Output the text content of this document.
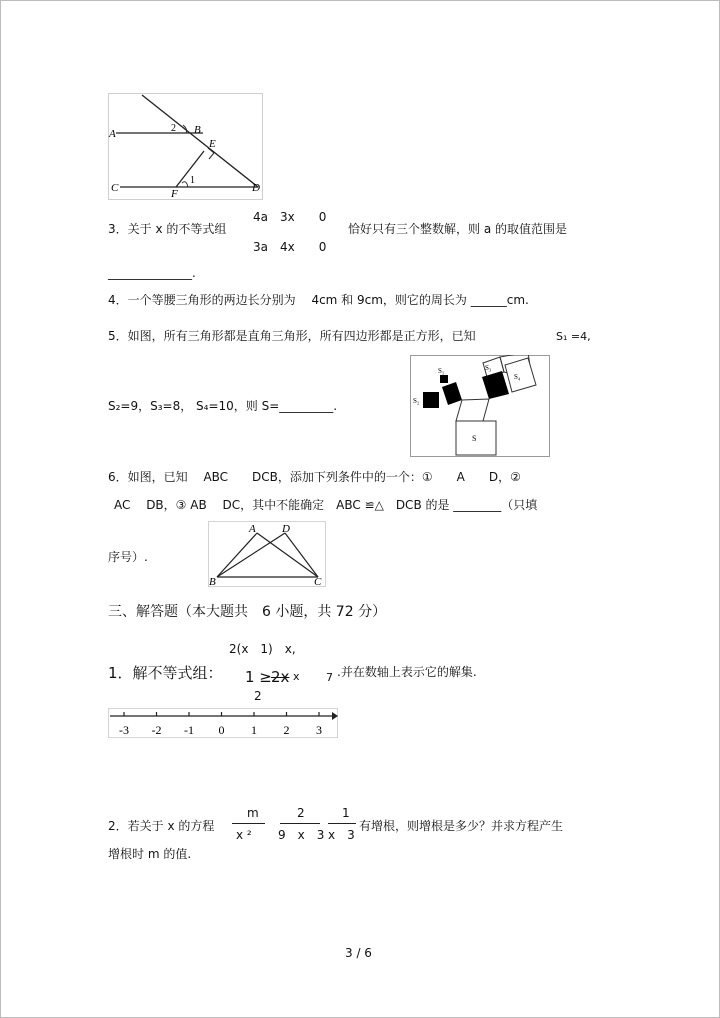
A	B
C	D
E
F
1
2
3．关于 x 的不等式组
4a　3x　　0
3a　4x　　0
恰好只有三个整数解，则 a 的取值范围是
______________.
4．一个等腰三角形的两边长分别为　 4cm 和 9cm，则它的周长为 ______cm.
5．如图，所有三角形都是直角三角形，所有四边形都是正方形，已知	S₁ =4,
S₂=9，S₃=8， S₄=10，则 S=_________.
S₁
S₂
S₃
S₄
S
6．如图，已知　 ABC　　DCB，添加下列条件中的一个：①　　A　　D，②
AC　 DB，③ AB　 DC，其中不能确定　ABC ≌△　DCB 的是 ________（只填
序号）.
A D
B	C
三、解答题（本大题共　6 小题，共 72 分）
1．解不等式组：
2(x　1)　x,
1 ≥ 2x x
2
7 .并在数轴上表示它的解集.
-3 -2 -1 0 1 2 3
2．若关于 x 的方程
m
x ²
2
9　x　3
1
x　3
有增根，则增根是多少？并求方程产生
增根时 m 的值.
3 / 6
